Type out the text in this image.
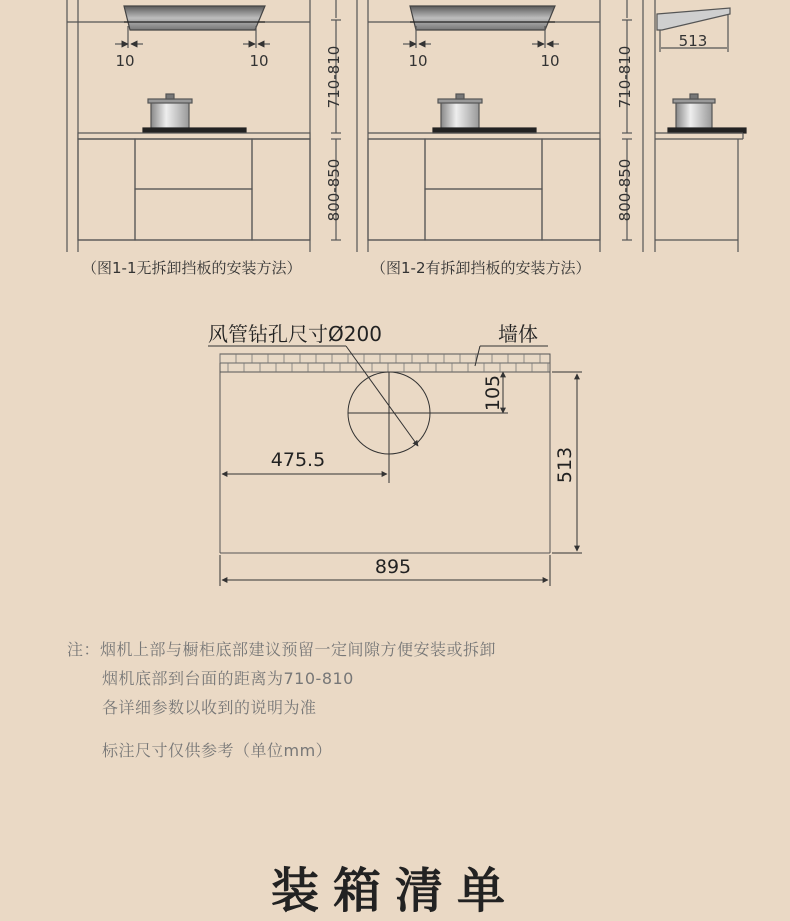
10	10	710-810
800-850
10	10	710-810
800-850
513
风管钻孔尺寸Ø200	墙体
105
475.5	513
895
（图1-1无拆卸挡板的安装方法）	（图1-2有拆卸挡板的安装方法）
注：烟机上部与橱柜底部建议预留一定间隙方便安装或拆卸
烟机底部到台面的距离为710-810
各详细参数以收到的说明为准
标注尺寸仅供参考（单位mm）
装箱清单
